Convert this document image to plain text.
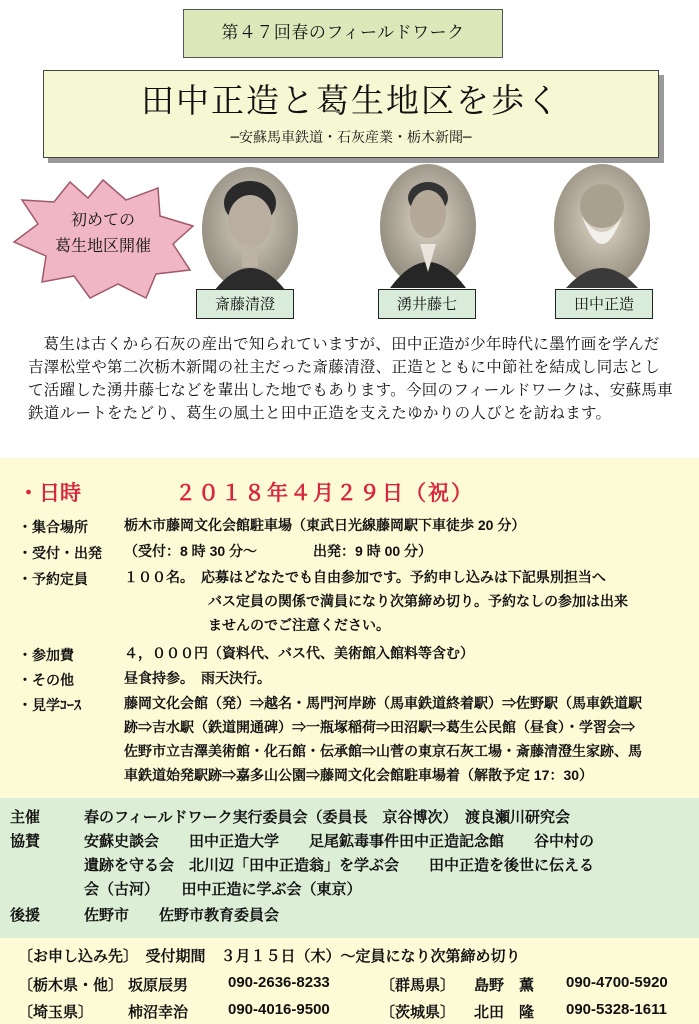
第４７回春のフィールドワーク
田中正造と葛生地区を歩く
─安蘇馬車鉄道・石灰産業・栃木新聞─
初めての
葛生地区開催
斎藤清澄	湧井藤七	田中正造
葛生は古くから石灰の産出で知られていますが、田中正造が少年時代に墨竹画を学んだ吉澤松堂や第二次栃木新聞の社主だった斎藤清澄、正造とともに中節社を結成し同志として活躍した湧井藤七などを輩出した地でもあります。今回のフィールドワークは、安蘇馬車鉄道ルートをたどり、葛生の風土と田中正造を支えたゆかりの人びとを訪ねます。
・日時	２０１８年４月２９日（祝）
・集合場所	栃木市藤岡文化会館駐車場（東武日光線藤岡駅下車徒歩 20 分）
・受付・出発 （受付：8 時 30 分～　　　　出発：9 時 00 分）
・予約定員	１００名。　応募はどなたでも自由参加です。予約申し込みは下記県別担当へ
　　　　　　バス定員の関係で満員になり次第締め切り。予約なしの参加は出来
　　　　　　ませんのでご注意ください。
・参加費	４，０００円（資料代、バス代、美術館入館料等含む）
・その他	昼食持参。　雨天決行。
・見学ｺｰｽ	藤岡文化会館（発）⇒越名・馬門河岸跡（馬車鉄道終着駅）⇒佐野駅（馬車鉄道駅
跡⇒吉水駅（鉄道開通碑）⇒一瓶塚稲荷⇒田沼駅⇒葛生公民館（昼食）・学習会⇒
佐野市立吉澤美術館・化石館・伝承館⇒山菅の東京石灰工場・斎藤清澄生家跡、馬
車鉄道始発駅跡⇒嘉多山公園⇒藤岡文化会館駐車場着（解散予定 17：30）
主催	春のフィールドワーク実行委員会（委員長　京谷博次）　渡良瀬川研究会
協賛	安蘇史談会　　田中正造大学　　足尾鉱毒事件田中正造記念館　　谷中村の
遺跡を守る会　北川辺「田中正造翁」を学ぶ会　　田中正造を後世に伝える
会（古河）　　田中正造に学ぶ会（東京）
後援	佐野市　　佐野市教育委員会
〔お申し込み先〕　受付期間　３月１５日（木）～定員になり次第締め切り
〔栃木県・他〕 坂原辰男	090-2636-8233	〔群馬県〕 島野　薫 090-4700-5920
〔埼玉県〕 柿沼幸治	090-4016-9500	〔茨城県〕 北田　隆 090-5328-1611
